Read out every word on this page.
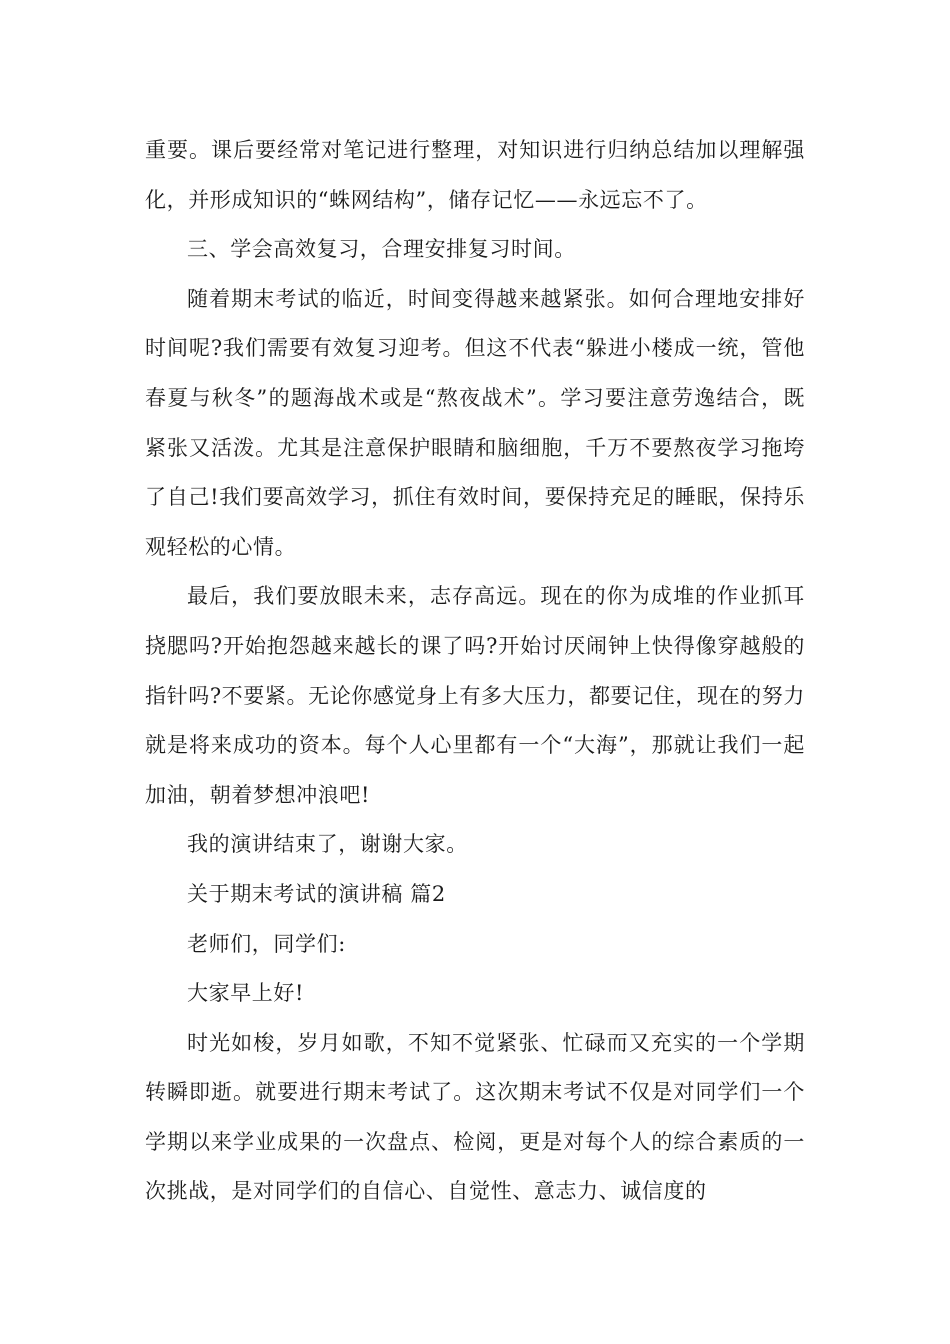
重要。课后要经常对笔记进行整理，对知识进行归纳总结加以理解强化，并形成知识的“蛛网结构”，储存记忆——永远忘不了。

三、学会高效复习，合理安排复习时间。

随着期末考试的临近，时间变得越来越紧张。如何合理地安排好时间呢?我们需要有效复习迎考。但这不代表“躲进小楼成一统，管他春夏与秋冬”的题海战术或是“熬夜战术”。学习要注意劳逸结合，既紧张又活泼。尤其是注意保护眼睛和脑细胞，千万不要熬夜学习拖垮了自己!我们要高效学习，抓住有效时间，要保持充足的睡眠，保持乐观轻松的心情。

最后，我们要放眼未来，志存高远。现在的你为成堆的作业抓耳挠腮吗?开始抱怨越来越长的课了吗?开始讨厌闹钟上快得像穿越般的指针吗?不要紧。无论你感觉身上有多大压力，都要记住，现在的努力就是将来成功的资本。每个人心里都有一个“大海”，那就让我们一起加油，朝着梦想冲浪吧!

我的演讲结束了，谢谢大家。

关于期末考试的演讲稿 篇2

老师们，同学们:

大家早上好!

时光如梭，岁月如歌，不知不觉紧张、忙碌而又充实的一个学期转瞬即逝。就要进行期末考试了。这次期末考试不仅是对同学们一个学期以来学业成果的一次盘点、检阅，更是对每个人的综合素质的一次挑战，是对同学们的自信心、自觉性、意志力、诚信度的
